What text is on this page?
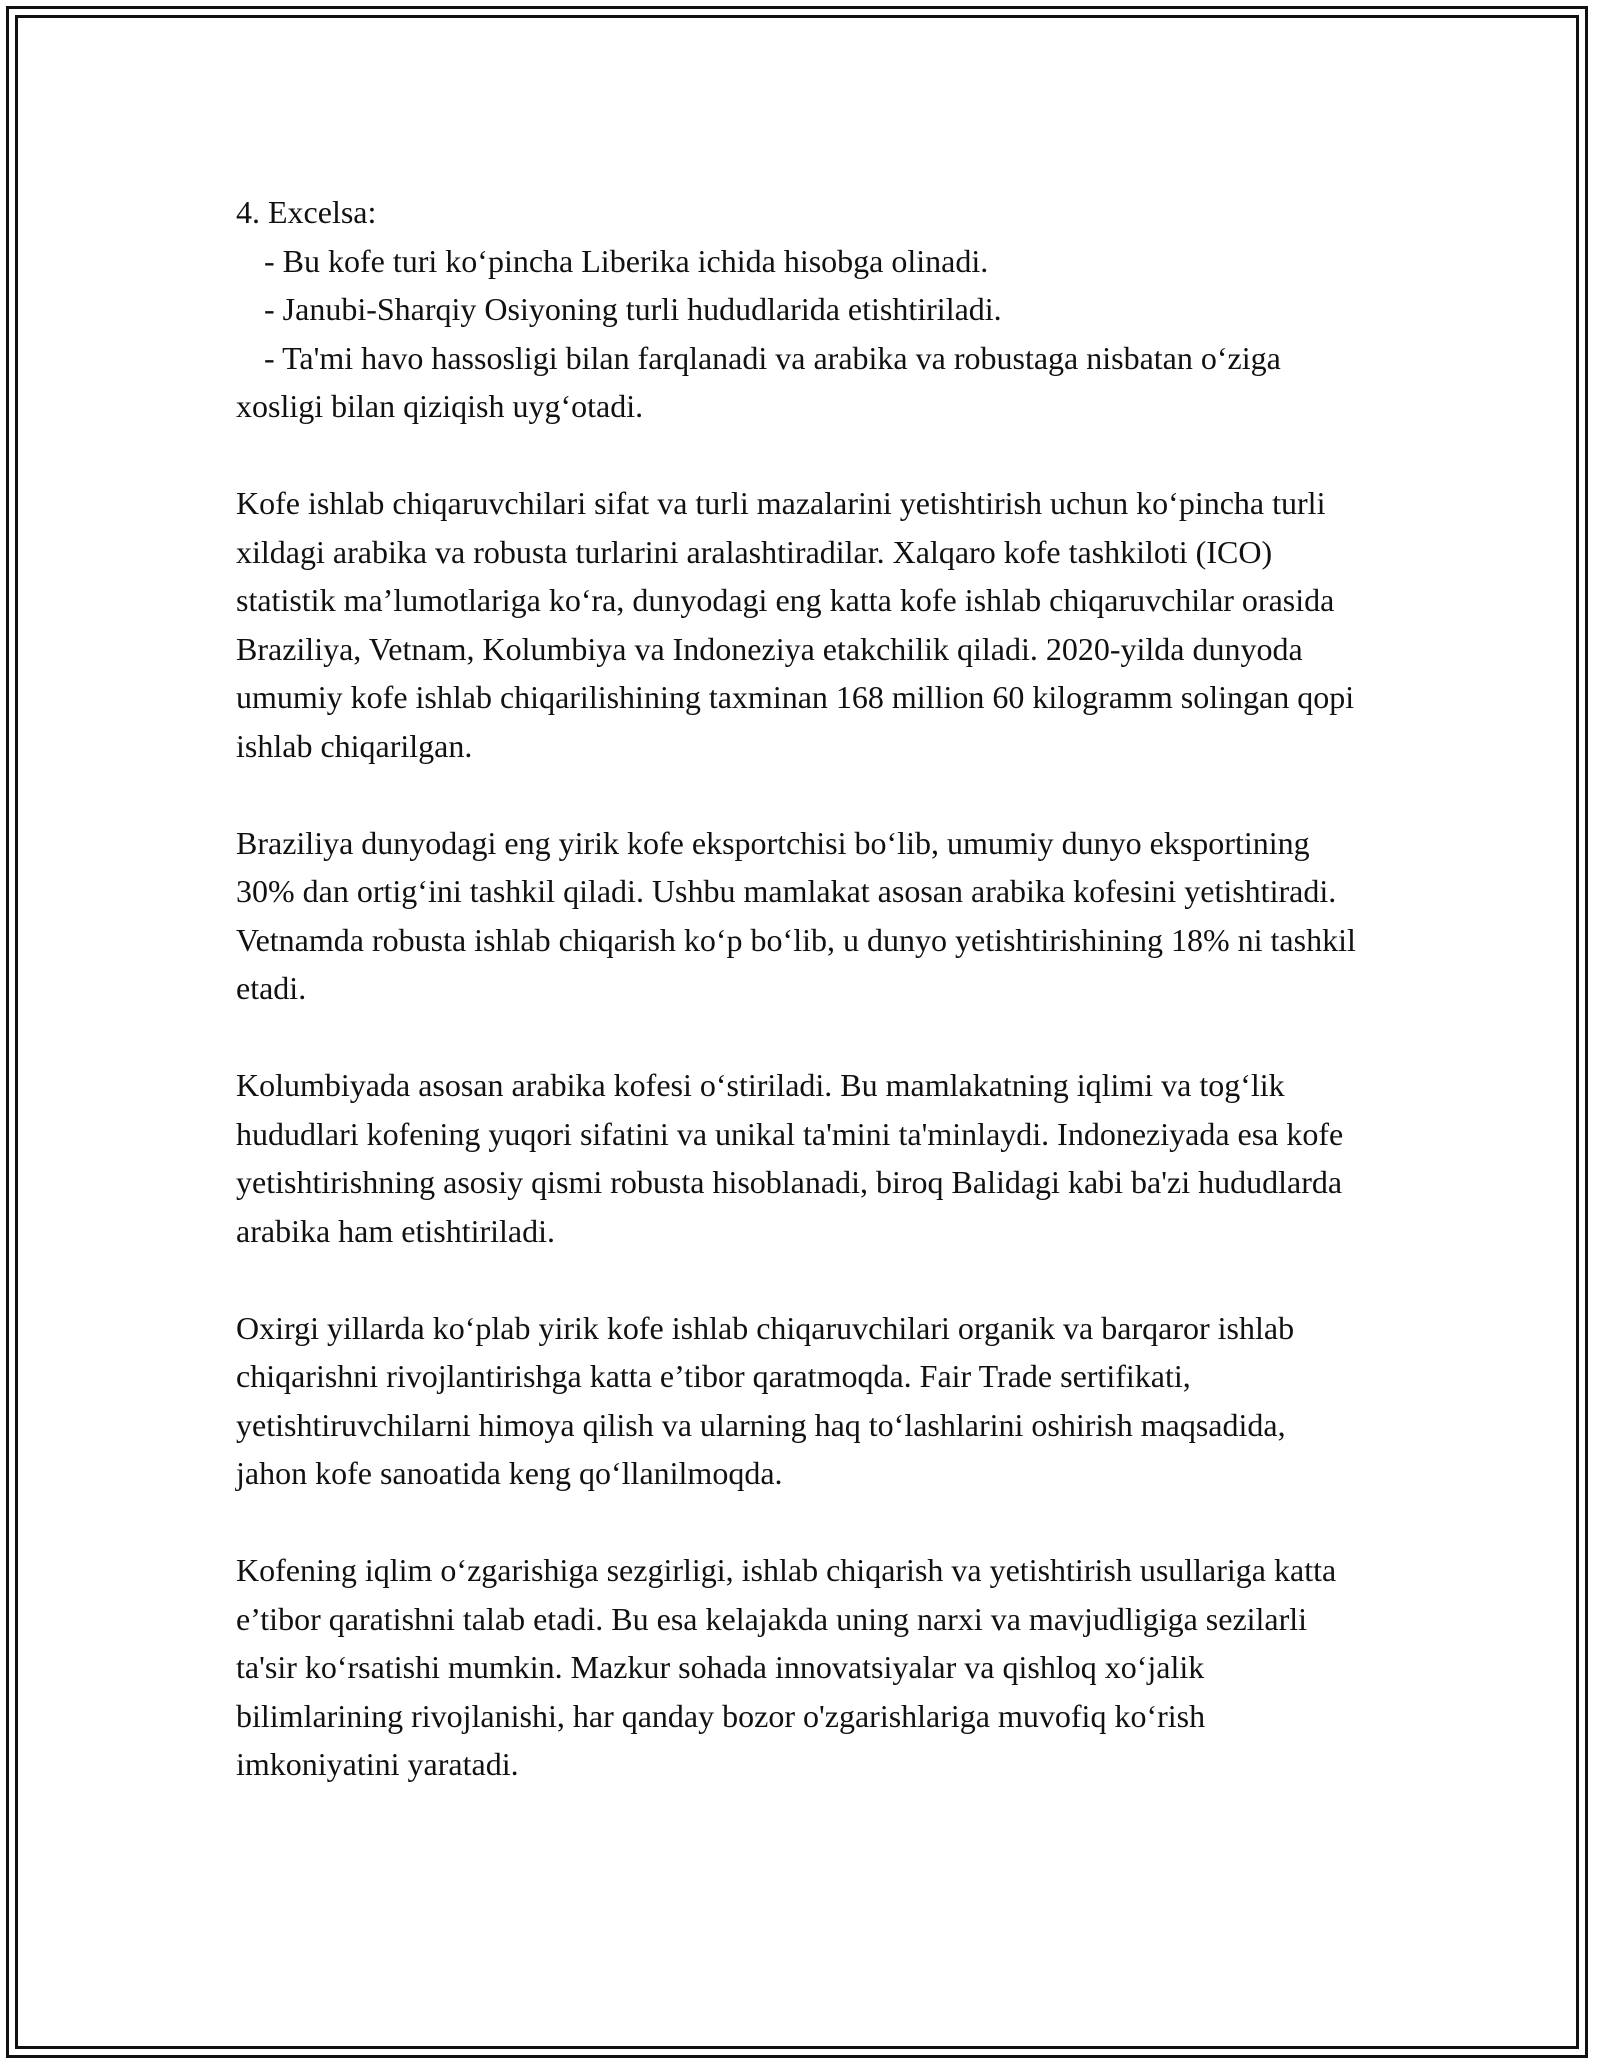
4. Excelsa:

- Bu kofe turi ko‘pincha Liberika ichida hisobga olinadi.

- Janubi-Sharqiy Osiyoning turli hududlarida etishtiriladi.

- Ta'mi havo hassosligi bilan farqlanadi va arabika va robustaga nisbatan o‘ziga xosligi bilan qiziqish uyg‘otadi.

Kofe ishlab chiqaruvchilari sifat va turli mazalarini yetishtirish uchun ko‘pincha turli xildagi arabika va robusta turlarini aralashtiradilar. Xalqaro kofe tashkiloti (ICO) statistik ma’lumotlariga ko‘ra, dunyodagi eng katta kofe ishlab chiqaruvchilar orasida Braziliya, Vetnam, Kolumbiya va Indoneziya etakchilik qiladi. 2020-yilda dunyoda umumiy kofe ishlab chiqarilishining taxminan 168 million 60 kilogramm solingan qopi ishlab chiqarilgan.

Braziliya dunyodagi eng yirik kofe eksportchisi bo‘lib, umumiy dunyo eksportining 30% dan ortig‘ini tashkil qiladi. Ushbu mamlakat asosan arabika kofesini yetishtiradi. Vetnamda robusta ishlab chiqarish ko‘p bo‘lib, u dunyo yetishtirishining 18% ni tashkil etadi.

Kolumbiyada asosan arabika kofesi o‘stiriladi. Bu mamlakatning iqlimi va tog‘lik hududlari kofening yuqori sifatini va unikal ta'mini ta'minlaydi. Indoneziyada esa kofe yetishtirishning asosiy qismi robusta hisoblanadi, biroq Balidagi kabi ba'zi hududlarda arabika ham etishtiriladi.

Oxirgi yillarda ko‘plab yirik kofe ishlab chiqaruvchilari organik va barqaror ishlab chiqarishni rivojlantirishga katta e’tibor qaratmoqda. Fair Trade sertifikati, yetishtiruvchilarni himoya qilish va ularning haq to‘lashlarini oshirish maqsadida, jahon kofe sanoatida keng qo‘llanilmoqda.

Kofening iqlim o‘zgarishiga sezgirligi, ishlab chiqarish va yetishtirish usullariga katta e’tibor qaratishni talab etadi. Bu esa kelajakda uning narxi va mavjudligiga sezilarli ta'sir ko‘rsatishi mumkin. Mazkur sohada innovatsiyalar va qishloq xo‘jalik bilimlarining rivojlanishi, har qanday bozor o'zgarishlariga muvofiq ko‘rish imkoniyatini yaratadi.
